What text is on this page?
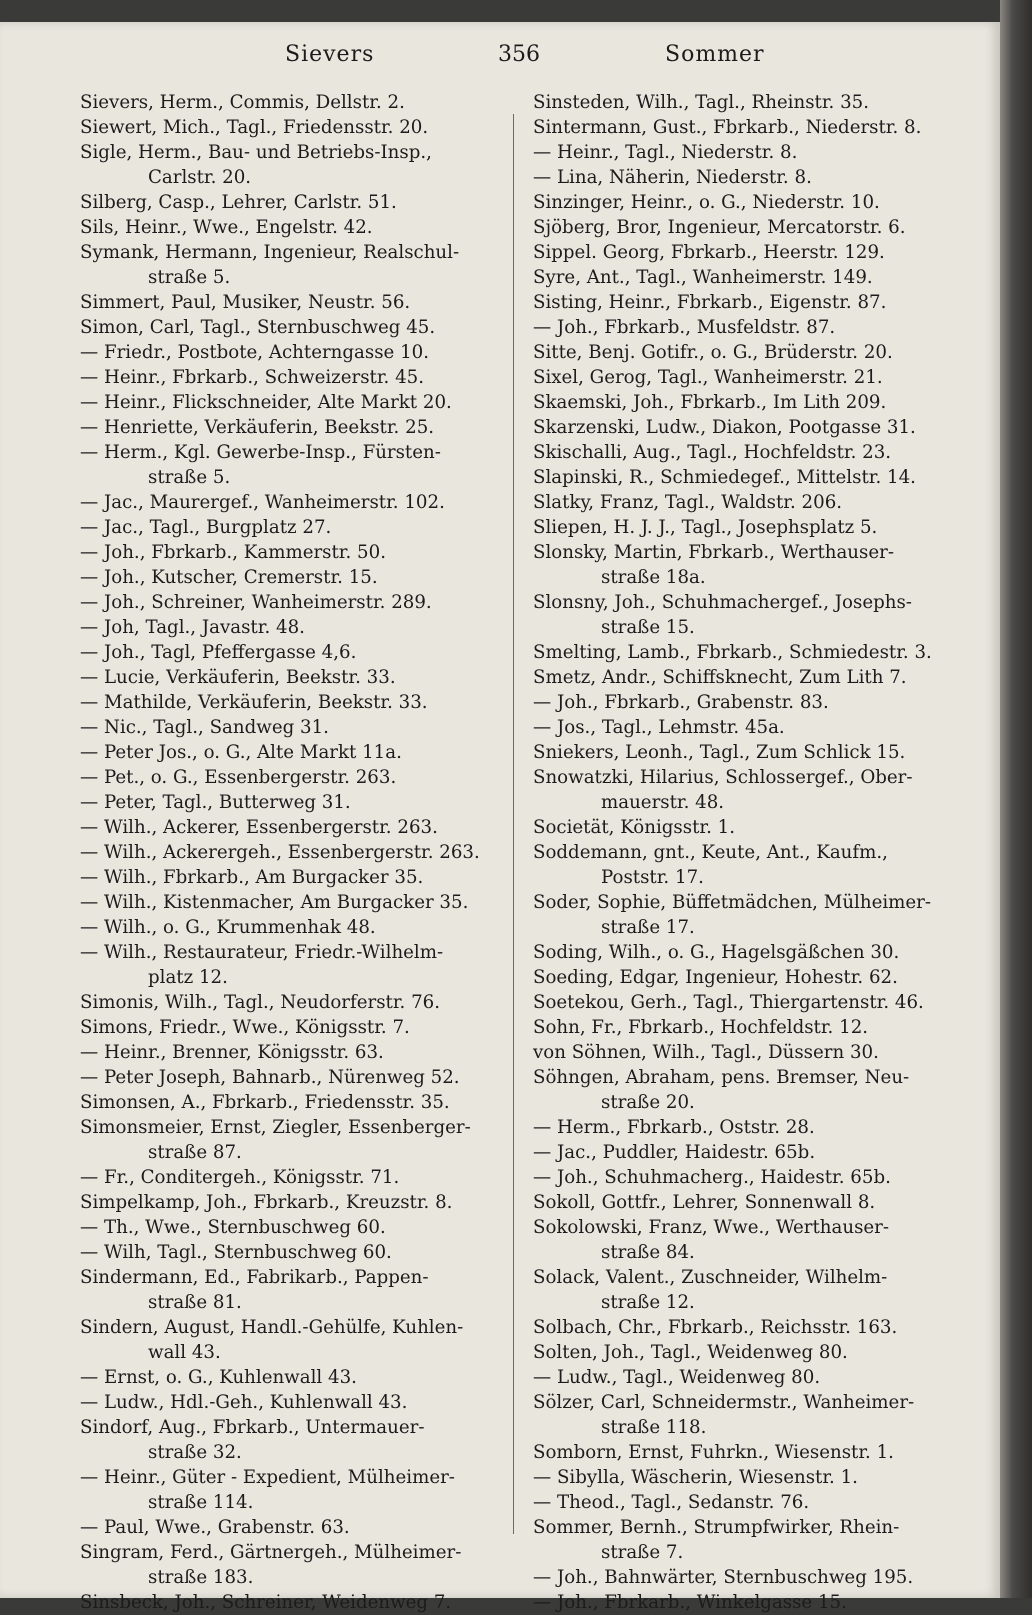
Sievers	356	Sommer
Sievers, Herm., Commis, Dellstr. 2.
Siewert, Mich., Tagl., Friedensstr. 20.
Sigle, Herm., Bau- und Betriebs-Insp.,
Carlstr. 20.
Silberg, Casp., Lehrer, Carlstr. 51.
Sils, Heinr., Wwe., Engelstr. 42.
Symank, Hermann, Ingenieur, Realschul-
straße 5.
Simmert, Paul, Musiker, Neustr. 56.
Simon, Carl, Tagl., Sternbuschweg 45.
— Friedr., Postbote, Achterngasse 10.
— Heinr., Fbrkarb., Schweizerstr. 45.
— Heinr., Flickschneider, Alte Markt 20.
— Henriette, Verkäuferin, Beekstr. 25.
— Herm., Kgl. Gewerbe-Insp., Fürsten-
straße 5.
— Jac., Maurergef., Wanheimerstr. 102.
— Jac., Tagl., Burgplatz 27.
— Joh., Fbrkarb., Kammerstr. 50.
— Joh., Kutscher, Cremerstr. 15.
— Joh., Schreiner, Wanheimerstr. 289.
— Joh, Tagl., Javastr. 48.
— Joh., Tagl, Pfeffergasse 4,6.
— Lucie, Verkäuferin, Beekstr. 33.
— Mathilde, Verkäuferin, Beekstr. 33.
— Nic., Tagl., Sandweg 31.
— Peter Jos., o. G., Alte Markt 11a.
— Pet., o. G., Essenbergerstr. 263.
— Peter, Tagl., Butterweg 31.
— Wilh., Ackerer, Essenbergerstr. 263.
— Wilh., Ackerergeh., Essenbergerstr. 263.
— Wilh., Fbrkarb., Am Burgacker 35.
— Wilh., Kistenmacher, Am Burgacker 35.
— Wilh., o. G., Krummenhak 48.
— Wilh., Restaurateur, Friedr.-Wilhelm-
platz 12.
Simonis, Wilh., Tagl., Neudorferstr. 76.
Simons, Friedr., Wwe., Königsstr. 7.
— Heinr., Brenner, Königsstr. 63.
— Peter Joseph, Bahnarb., Nürenweg 52.
Simonsen, A., Fbrkarb., Friedensstr. 35.
Simonsmeier, Ernst, Ziegler, Essenberger-
straße 87.
— Fr., Conditergeh., Königsstr. 71.
Simpelkamp, Joh., Fbrkarb., Kreuzstr. 8.
— Th., Wwe., Sternbuschweg 60.
— Wilh, Tagl., Sternbuschweg 60.
Sindermann, Ed., Fabrikarb., Pappen-
straße 81.
Sindern, August, Handl.-Gehülfe, Kuhlen-
wall 43.
— Ernst, o. G., Kuhlenwall 43.
— Ludw., Hdl.-Geh., Kuhlenwall 43.
Sindorf, Aug., Fbrkarb., Untermauer-
straße 32.
— Heinr., Güter - Expedient, Mülheimer-
straße 114.
— Paul, Wwe., Grabenstr. 63.
Singram, Ferd., Gärtnergeh., Mülheimer-
straße 183.
Sinsbeck, Joh., Schreiner, Weidenweg 7.
Sinsteden, Wilh., Tagl., Rheinstr. 35.
Sintermann, Gust., Fbrkarb., Niederstr. 8.
— Heinr., Tagl., Niederstr. 8.
— Lina, Näherin, Niederstr. 8.
Sinzinger, Heinr., o. G., Niederstr. 10.
Sjöberg, Bror, Ingenieur, Mercatorstr. 6.
Sippel. Georg, Fbrkarb., Heerstr. 129.
Syre, Ant., Tagl., Wanheimerstr. 149.
Sisting, Heinr., Fbrkarb., Eigenstr. 87.
— Joh., Fbrkarb., Musfeldstr. 87.
Sitte, Benj. Gotifr., o. G., Brüderstr. 20.
Sixel, Gerog, Tagl., Wanheimerstr. 21.
Skaemski, Joh., Fbrkarb., Im Lith 209.
Skarzenski, Ludw., Diakon, Pootgasse 31.
Skischalli, Aug., Tagl., Hochfeldstr. 23.
Slapinski, R., Schmiedegef., Mittelstr. 14.
Slatky, Franz, Tagl., Waldstr. 206.
Sliepen, H. J. J., Tagl., Josephsplatz 5.
Slonsky, Martin, Fbrkarb., Werthauser-
straße 18a.
Slonsny, Joh., Schuhmachergef., Josephs-
straße 15.
Smelting, Lamb., Fbrkarb., Schmiedestr. 3.
Smetz, Andr., Schiffsknecht, Zum Lith 7.
— Joh., Fbrkarb., Grabenstr. 83.
— Jos., Tagl., Lehmstr. 45a.
Sniekers, Leonh., Tagl., Zum Schlick 15.
Snowatzki, Hilarius, Schlossergef., Ober-
mauerstr. 48.
Societät, Königsstr. 1.
Soddemann, gnt., Keute, Ant., Kaufm.,
Poststr. 17.
Soder, Sophie, Büffetmädchen, Mülheimer-
straße 17.
Soding, Wilh., o. G., Hagelsgäßchen 30.
Soeding, Edgar, Ingenieur, Hohestr. 62.
Soetekou, Gerh., Tagl., Thiergartenstr. 46.
Sohn, Fr., Fbrkarb., Hochfeldstr. 12.
von Söhnen, Wilh., Tagl., Düssern 30.
Söhngen, Abraham, pens. Bremser, Neu-
straße 20.
— Herm., Fbrkarb., Oststr. 28.
— Jac., Puddler, Haidestr. 65b.
— Joh., Schuhmacherg., Haidestr. 65b.
Sokoll, Gottfr., Lehrer, Sonnenwall 8.
Sokolowski, Franz, Wwe., Werthauser-
straße 84.
Solack, Valent., Zuschneider, Wilhelm-
straße 12.
Solbach, Chr., Fbrkarb., Reichsstr. 163.
Solten, Joh., Tagl., Weidenweg 80.
— Ludw., Tagl., Weidenweg 80.
Sölzer, Carl, Schneidermstr., Wanheimer-
straße 118.
Somborn, Ernst, Fuhrkn., Wiesenstr. 1.
— Sibylla, Wäscherin, Wiesenstr. 1.
— Theod., Tagl., Sedanstr. 76.
Sommer, Bernh., Strumpfwirker, Rhein-
straße 7.
— Joh., Bahnwärter, Sternbuschweg 195.
— Joh., Fbrkarb., Winkelgasse 15.
